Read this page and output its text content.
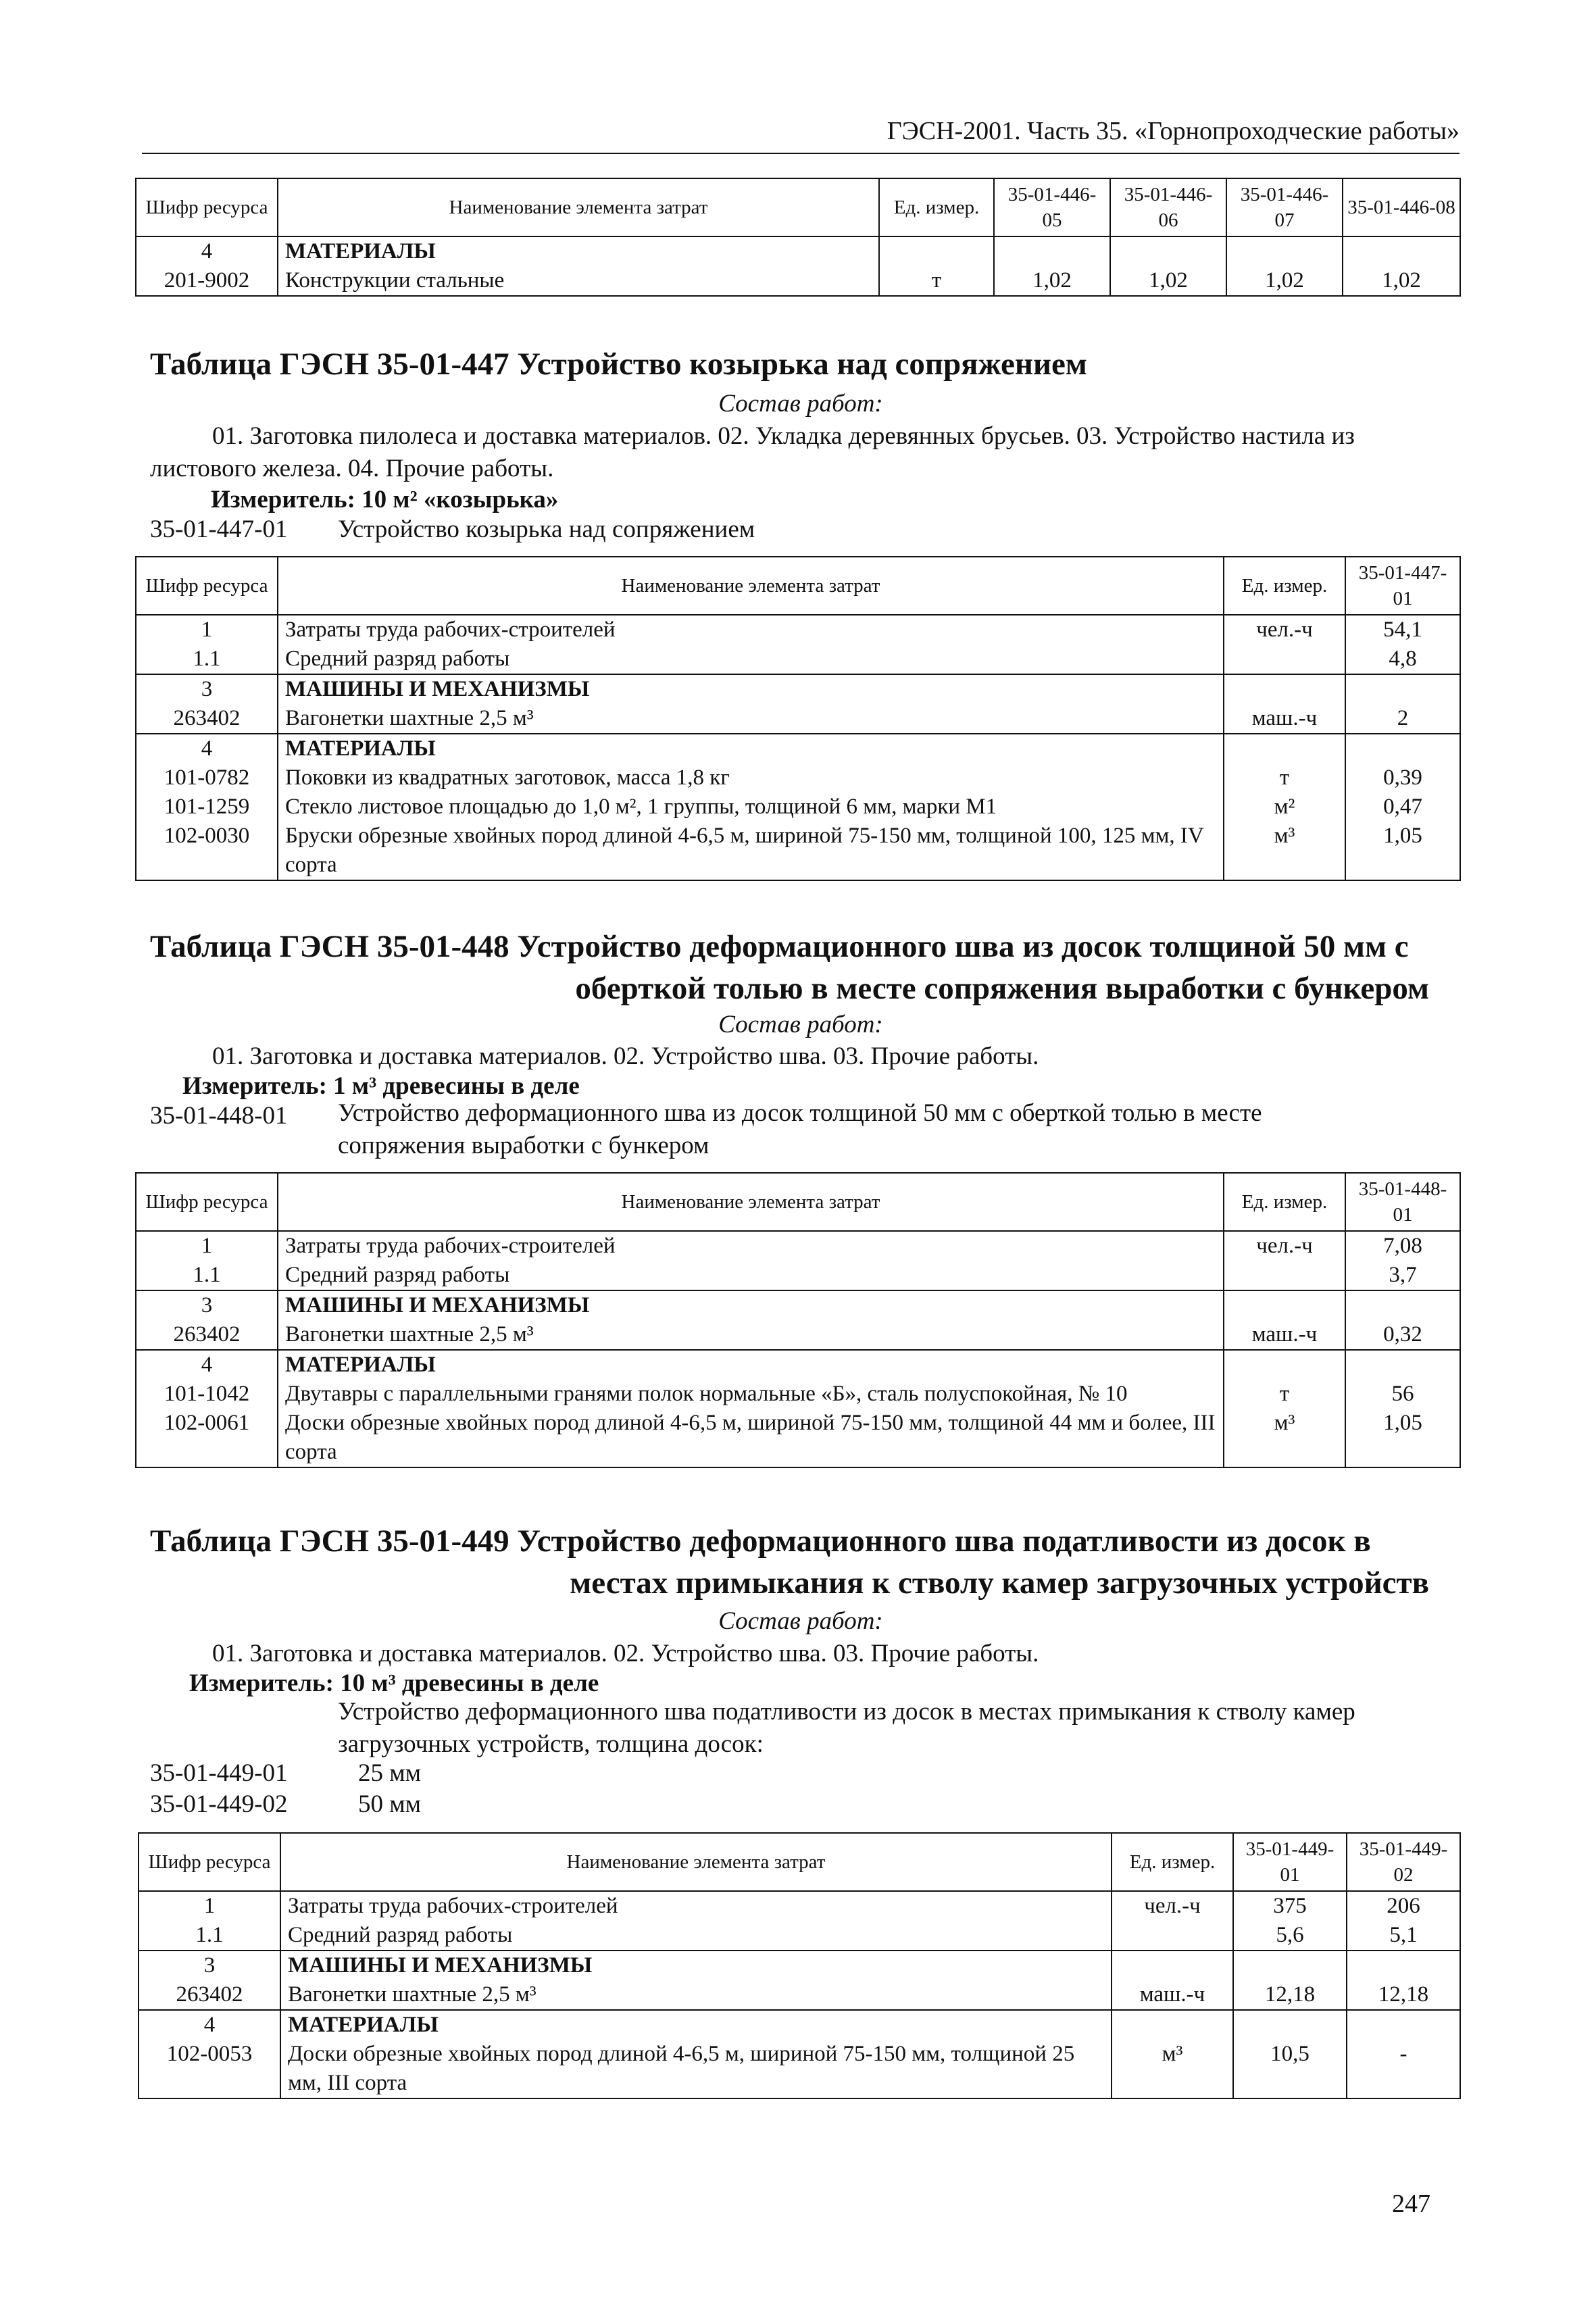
ГЭСН-2001. Часть 35. «Горнопроходческие работы»
Шифр ресурса	Наименование элемента затрат	Ед. измер.	35-01-446-05	35-01-446-06	35-01-446-07	35-01-446-08
4	МАТЕРИАЛЫ					
201-9002	Конструкции стальные	т	1,02	1,02	1,02	1,02
Таблица ГЭСН 35-01-447 Устройство козырька над сопряжением
Состав работ:
01. Заготовка пилолеса и доставка материалов. 02. Укладка деревянных брусьев. 03. Устройство настила из листового железа. 04. Прочие работы.
Измеритель: 10 м² «козырька»
35-01-447-01 Устройство козырька над сопряжением
Шифр ресурса	Наименование элемента затрат	Ед. измер.	35-01-447-01
1	Затраты труда рабочих-строителей	чел.-ч	54,1
1.1	Средний разряд работы		4,8
3	МАШИНЫ И МЕХАНИЗМЫ		
263402	Вагонетки шахтные 2,5 м³	маш.-ч	2
4	МАТЕРИАЛЫ		
101-0782	Поковки из квадратных заготовок, масса 1,8 кг	т	0,39
101-1259	Стекло листовое площадью до 1,0 м², 1 группы, толщиной 6 мм, марки М1	м²	0,47
102-0030	Бруски обрезные хвойных пород длиной 4-6,5 м, шириной 75-150 мм, толщиной 100, 125 мм, IV сорта	м³	1,05
Таблица ГЭСН 35-01-448 Устройство деформационного шва из досок толщиной 50 мм с
оберткой толью в месте сопряжения выработки с бункером
Состав работ:
01. Заготовка и доставка материалов. 02. Устройство шва. 03. Прочие работы.
Измеритель: 1 м³ древесины в деле
35-01-448-01 Устройство деформационного шва из досок толщиной 50 мм с оберткой толью в месте сопряжения выработки с бункером
Шифр ресурса	Наименование элемента затрат	Ед. измер.	35-01-448-01
1	Затраты труда рабочих-строителей	чел.-ч	7,08
1.1	Средний разряд работы		3,7
3	МАШИНЫ И МЕХАНИЗМЫ		
263402	Вагонетки шахтные 2,5 м³	маш.-ч	0,32
4	МАТЕРИАЛЫ		
101-1042	Двутавры с параллельными гранями полок нормальные «Б», сталь полуспокойная, № 10	т	56
102-0061	Доски обрезные хвойных пород длиной 4-6,5 м, шириной 75-150 мм, толщиной 44 мм и более, III сорта	м³	1,05
Таблица ГЭСН 35-01-449 Устройство деформационного шва податливости из досок в
местах примыкания к стволу камер загрузочных устройств
Состав работ:
01. Заготовка и доставка материалов. 02. Устройство шва. 03. Прочие работы.
Измеритель: 10 м³ древесины в деле
Устройство деформационного шва податливости из досок в местах примыкания к стволу камер загрузочных устройств, толщина досок:
35-01-449-01	25 мм
35-01-449-02	50 мм
Шифр ресурса	Наименование элемента затрат	Ед. измер.	35-01-449-01	35-01-449-02
1	Затраты труда рабочих-строителей	чел.-ч	375	206
1.1	Средний разряд работы		5,6	5,1
3	МАШИНЫ И МЕХАНИЗМЫ			
263402	Вагонетки шахтные 2,5 м³	маш.-ч	12,18	12,18
4	МАТЕРИАЛЫ			
102-0053	Доски обрезные хвойных пород длиной 4-6,5 м, шириной 75-150 мм, толщиной 25 мм, III сорта	м³	10,5	-
247
